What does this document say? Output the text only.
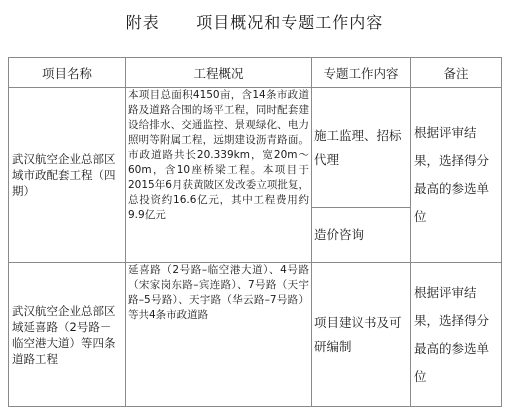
附表      项目概况和专题工作内容
项目名称	工程概况	专题工作内容	备注
武汉航空企业总部区域市政配套工程（四期）	本项目总面积4150亩，含14条市政道路及道路合围的场平工程，同时配套建设给排水、交通监控、景观绿化、电力照明等附属工程，远期建设沥青路面。市政道路共长20.339km，宽20m～60m，含10座桥梁工程。本项目于2015年6月获黄陂区发改委立项批复，总投资约16.6亿元，其中工程费用约9.9亿元	施工监理、招标代理	根据评审结果，选择得分最高的参选单位
		造价咨询	
武汉航空企业总部区域延喜路（2号路－临空港大道）等四条道路工程	延喜路（2号路–临空港大道）、4号路（宋家岗东路–宾连路）、7号路（天宇路–5号路）、天宇路（华云路–7号路）等共4条市政道路	项目建议书及可研编制	根据评审结果，选择得分最高的参选单位
